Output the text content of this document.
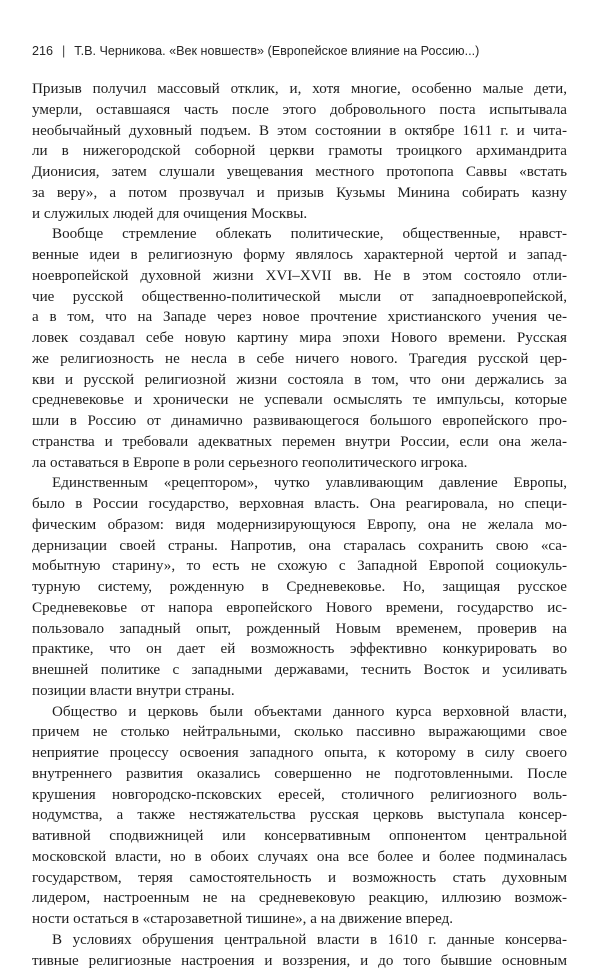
216 | Т.В. Черникова. «Век новшеств» (Европейское влияние на Россию...)
Призыв получил массовый отклик, и, хотя многие, особенно малые дети,
умерли, оставшаяся часть после этого добровольного поста испытывала
необычайный духовный подъем. В этом состоянии в октябре 1611 г. и чита-
ли в нижегородской соборной церкви грамоты троицкого архимандрита
Дионисия, затем слушали увещевания местного протопопа Саввы «встать
за веру», а потом прозвучал и призыв Кузьмы Минина собирать казну
и служилых людей для очищения Москвы.
Вообще стремление облекать политические, общественные, нравст-
венные идеи в религиозную форму являлось характерной чертой и запад-
ноевропейской духовной жизни XVI–XVII вв. Не в этом состояло отли-
чие русской общественно-политической мысли от западноевропейской,
а в том, что на Западе через новое прочтение христианского учения че-
ловек создавал себе новую картину мира эпохи Нового времени. Русская
же религиозность не несла в себе ничего нового. Трагедия русской цер-
кви и русской религиозной жизни состояла в том, что они держались за
средневековье и хронически не успевали осмыслять те импульсы, которые
шли в Россию от динамично развивающегося большого европейского про-
странства и требовали адекватных перемен внутри России, если она жела-
ла оставаться в Европе в роли серьезного геополитического игрока.
Единственным «рецептором», чутко улавливающим давление Европы,
было в России государство, верховная власть. Она реагировала, но специ-
фическим образом: видя модернизирующуюся Европу, она не желала мо-
дернизации своей страны. Напротив, она старалась сохранить свою «са-
мобытную старину», то есть не схожую с Западной Европой социокуль-
турную систему, рожденную в Средневековье. Но, защищая русское
Средневековье от напора европейского Нового времени, государство ис-
пользовало западный опыт, рожденный Новым временем, проверив на
практике, что он дает ей возможность эффективно конкурировать во
внешней политике с западными державами, теснить Восток и усиливать
позиции власти внутри страны.
Общество и церковь были объектами данного курса верховной власти,
причем не столько нейтральными, сколько пассивно выражающими свое
неприятие процессу освоения западного опыта, к которому в силу своего
внутреннего развития оказались совершенно не подготовленными. После
крушения новгородско-псковских ересей, столичного религиозного воль-
нодумства, а также нестяжательства русская церковь выступала консер-
вативной сподвижницей или консервативным оппонентом центральной
московской власти, но в обоих случаях она все более и более подминалась
государством, теряя самостоятельность и возможность стать духовным
лидером, настроенным не на средневековую реакцию, иллюзию возмож-
ности остаться в «старозаветной тишине», а на движение вперед.
В условиях обрушения центральной власти в 1610 г. данные консерва-
тивные религиозные настроения и воззрения, и до того бывшие основным
